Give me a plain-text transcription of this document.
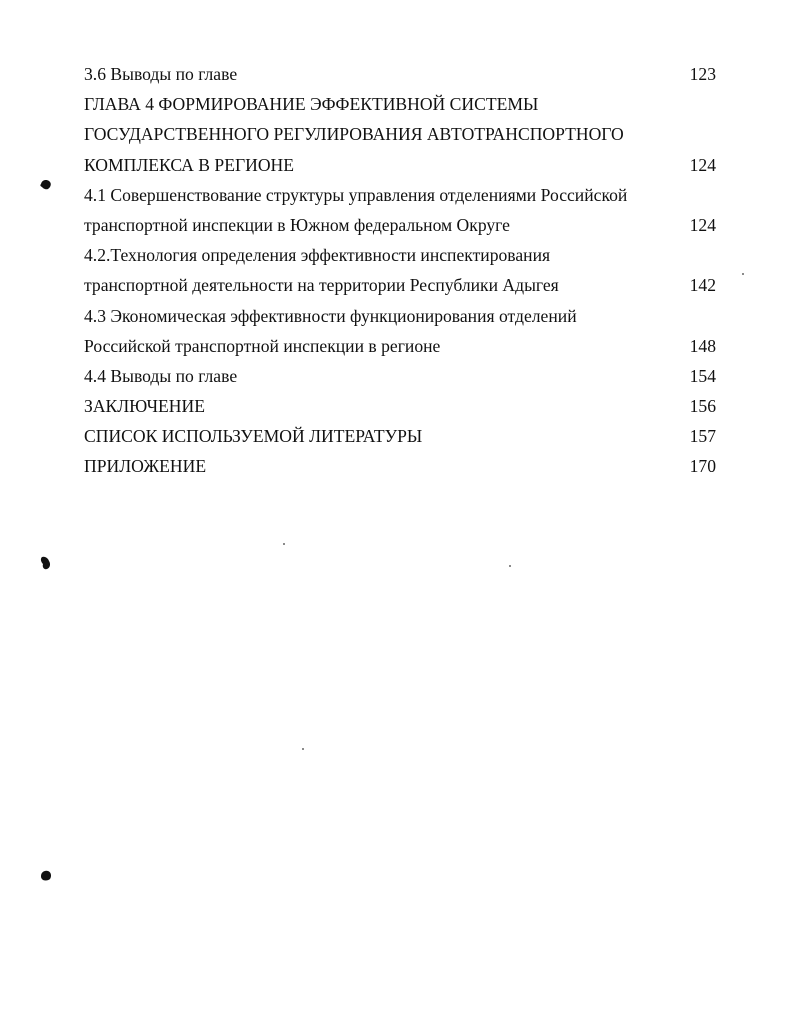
3.6 Выводы по главе	123
ГЛАВА 4 ФОРМИРОВАНИЕ ЭФФЕКТИВНОЙ СИСТЕМЫ
ГОСУДАРСТВЕННОГО РЕГУЛИРОВАНИЯ АВТОТРАНСПОРТНОГО
КОМПЛЕКСА В РЕГИОНЕ	124
4.1 Совершенствование структуры управления отделениями Российской
транспортной инспекции в Южном федеральном Округе	124
4.2.Технология определения эффективности инспектирования
транспортной деятельности на территории Республики Адыгея	142
4.3 Экономическая эффективности функционирования отделений
Российской транспортной инспекции в регионе	148
4.4 Выводы по главе	154
ЗАКЛЮЧЕНИЕ	156
СПИСОК ИСПОЛЬЗУЕМОЙ ЛИТЕРАТУРЫ	157
ПРИЛОЖЕНИЕ	170
